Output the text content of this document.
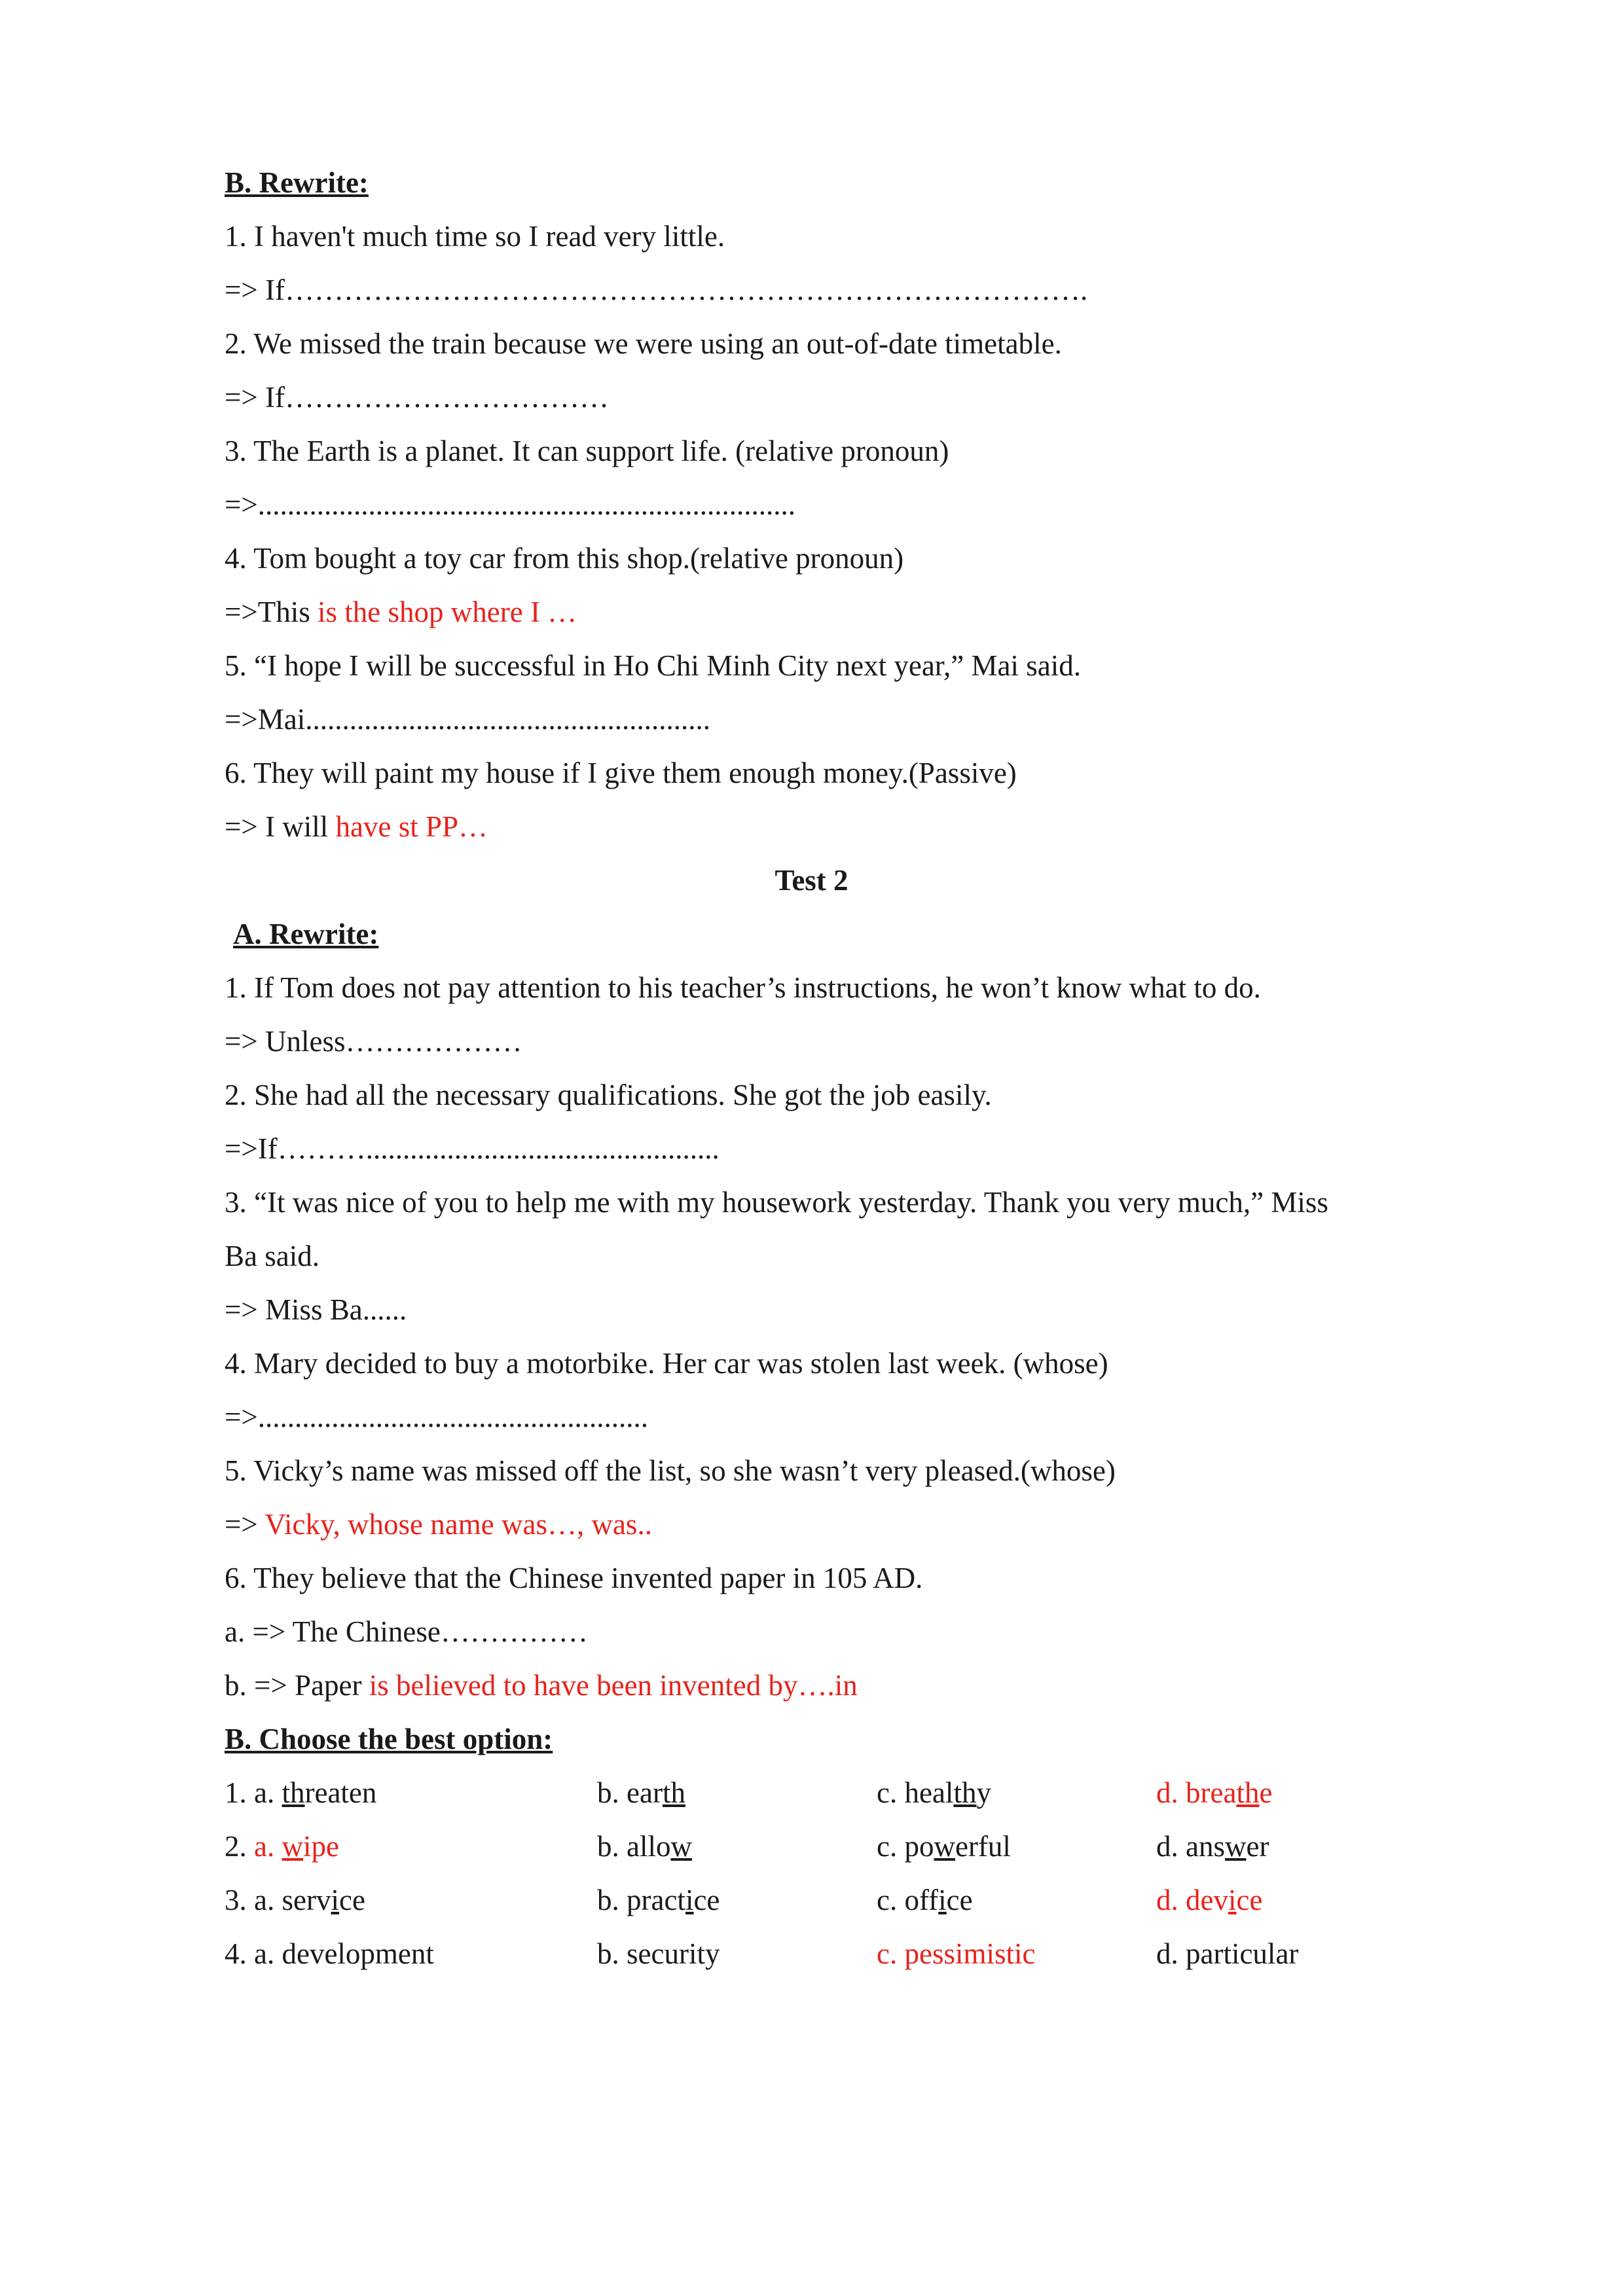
B. Rewrite:
1. I haven't much time so I read very little.
=> If……………………………………………………………………….
2. We missed the train because we were using an out-of-date timetable.
=> If……………………………
3. The Earth is a planet. It can support life. (relative pronoun)
=>.........................................................................
4. Tom bought a toy car from this shop.(relative pronoun)
=>This is the shop where I …
5. “I hope I will be successful in Ho Chi Minh City next year,” Mai said.
=>Mai.......................................................
6. They will paint my house if I give them enough money.(Passive)
=> I will have st PP…
Test 2
A. Rewrite:
1. If Tom does not pay attention to his teacher’s instructions, he won’t know what to do.
=> Unless………………
2. She had all the necessary qualifications. She got the job easily.
=>If………................................................
3. “It was nice of you to help me with my housework yesterday. Thank you very much,” Miss
Ba said.
=> Miss Ba......
4. Mary decided to buy a motorbike. Her car was stolen last week. (whose)
=>.....................................................
5. Vicky’s name was missed off the list, so she wasn’t very pleased.(whose)
=> Vicky, whose name was…, was..
6. They believe that the Chinese invented paper in 105 AD.
a. => The Chinese……………
b. => Paper is believed to have been invented by….in
B. Choose the best option:
1. a. threaten	b. earth	c. healthy	d. breathe
2. a. wipe	b. allow	c. powerful	d. answer
3. a. service	b. practice	c. office	d. device
4. a. development	b. security	c. pessimistic	d. particular
